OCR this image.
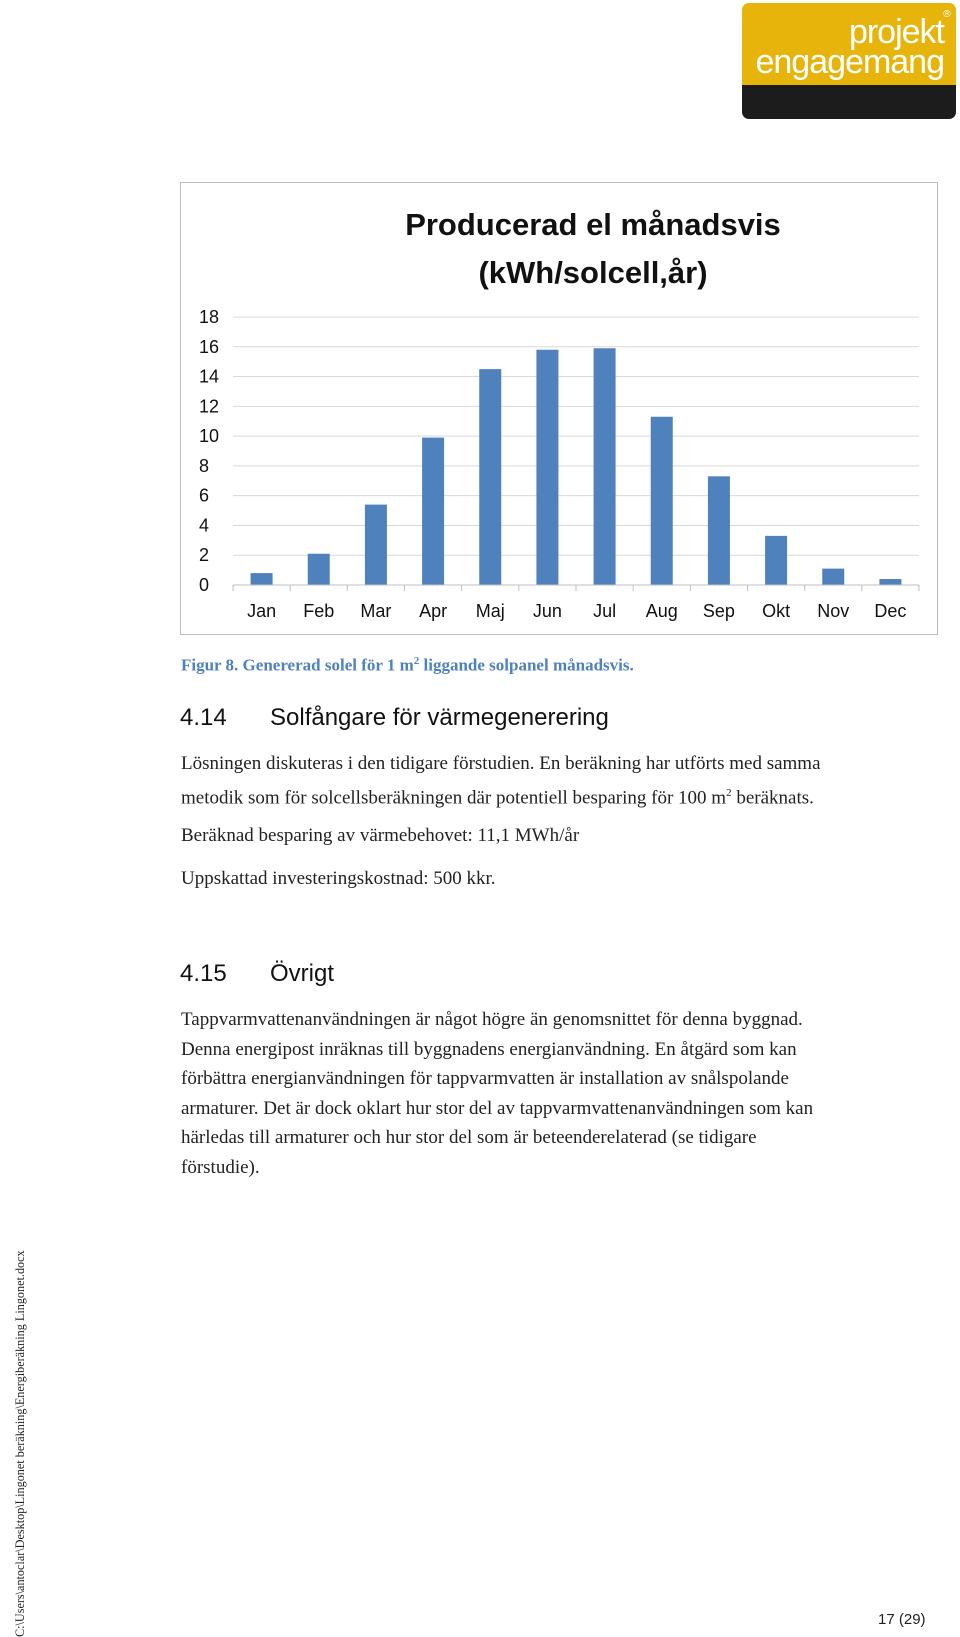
®
projekt
engagemang
Producerad el månadsvis
(kWh/solcell,år)
0
2
4
6
8
10
12
14
16
18
Jan Feb Mar Apr Maj Jun Jul Aug Sep Okt Nov Dec
Figur 8. Genererad solel för 1 $m^2$ liggande solpanel månadsvis.
4.14 Solfångare för värmegenerering
Lösningen diskuteras i den tidigare förstudien. En beräkning har utförts med samma
metodik som för solcellsberäkningen där potentiell besparing för 100 $m^2$ beräknats.
Beräknad besparing av värmebehovet: 11,1 MWh/år
Uppskattad investeringskostnad: 500 kkr.
4.15 Övrigt
Tappvarmvattenanvändningen är något högre än genomsnittet för denna byggnad.
Denna energipost inräknas till byggnadens energianvändning. En åtgärd som kan
förbättra energianvändningen för tappvarmvatten är installation av snålspolande
armaturer. Det är dock oklart hur stor del av tappvarmvattenanvändningen som kan
härledas till armaturer och hur stor del som är beteenderelaterad (se tidigare
förstudie).
C:\Users\antoclar\Desktop\Lingonet beräkning\Energiberäkning Lingonet.docx	17 (29)
